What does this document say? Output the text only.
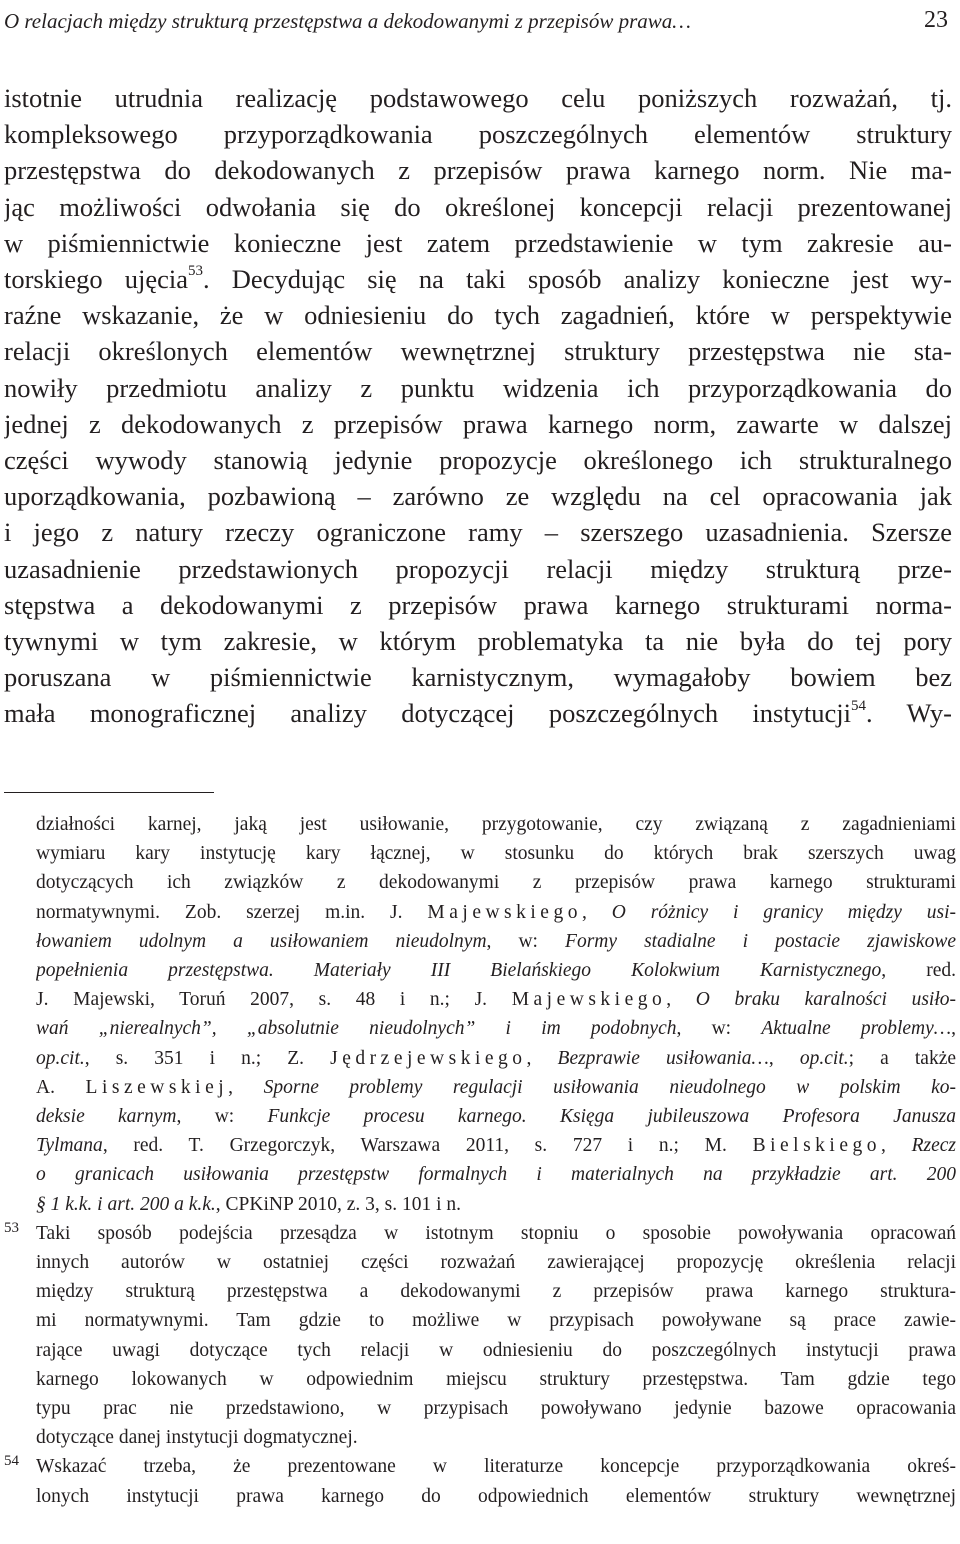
O relacjach między strukturą przestępstwa a dekodowanymi z przepisów prawa…	23
istotnie utrudnia realizację podstawowego celu poniższych rozważań, tj.
kompleksowego przyporządkowania poszczególnych elementów struktury
przestępstwa do dekodowanych z przepisów prawa karnego norm. Nie ma-
jąc możliwości odwołania się do określonej koncepcji relacji prezentowanej
w piśmiennictwie konieczne jest zatem przedstawienie w tym zakresie au-
torskiego ujęcia$^{53}$. Decydując się na taki sposób analizy konieczne jest wy-
raźne wskazanie, że w odniesieniu do tych zagadnień, które w perspektywie
relacji określonych elementów wewnętrznej struktury przestępstwa nie sta-
nowiły przedmiotu analizy z punktu widzenia ich przyporządkowania do
jednej z dekodowanych z przepisów prawa karnego norm, zawarte w dalszej
części wywody stanowią jedynie propozycje określonego ich strukturalnego
uporządkowania, pozbawioną – zarówno ze względu na cel opracowania jak
i jego z natury rzeczy ograniczone ramy – szerszego uzasadnienia. Szersze
uzasadnienie przedstawionych propozycji relacji między strukturą prze-
stępstwa a dekodowanymi z przepisów prawa karnego strukturami norma-
tywnymi w tym zakresie, w którym problematyka ta nie była do tej pory
poruszana w piśmiennictwie karnistycznym, wymagałoby bowiem bez
mała monograficznej analizy dotyczącej poszczególnych instytucji$^{54}$. Wy-
działności karnej, jaką jest usiłowanie, przygotowanie, czy związaną z zagadnieniami
wymiaru kary instytucję kary łącznej, w stosunku do których brak szerszych uwag
dotyczących ich związków z dekodowanymi z przepisów prawa karnego strukturami
normatywnymi. Zob. szerzej m.in. J. Majewskiego, O różnicy i granicy między usi-
łowaniem udolnym a usiłowaniem nieudolnym, w: Formy stadialne i postacie zjawiskowe
popełnienia przestępstwa. Materiały III Bielańskiego Kolokwium Karnistycznego, red.
J. Majewski, Toruń 2007, s. 48 i n.; J. Majewskiego, O braku karalności usiło-
wań „nierealnych”, „absolutnie nieudolnych” i im podobnych, w: Aktualne problemy…,
op.cit., s. 351 i n.; Z. Jędrzejewskiego, Bezprawie usiłowania…, op.cit.; a także
A. Liszewskiej, Sporne problemy regulacji usiłowania nieudolnego w polskim ko-
deksie karnym, w: Funkcje procesu karnego. Księga jubileuszowa Profesora Janusza
Tylmana, red. T. Grzegorczyk, Warszawa 2011, s. 727 i n.; M. Bielskiego, Rzecz
o granicach usiłowania przestępstw formalnych i materialnych na przykładzie art. 200
§ 1 k.k. i art. 200 a k.k., CPKiNP 2010, z. 3, s. 101 i n.
53 Taki sposób podejścia przesądza w istotnym stopniu o sposobie powoływania opracowań
innych autorów w ostatniej części rozważań zawierającej propozycję określenia relacji
między strukturą przestępstwa a dekodowanymi z przepisów prawa karnego struktura-
mi normatywnymi. Tam gdzie to możliwe w przypisach powoływane są prace zawie-
rające uwagi dotyczące tych relacji w odniesieniu do poszczególnych instytucji prawa
karnego lokowanych w odpowiednim miejscu struktury przestępstwa. Tam gdzie tego
typu prac nie przedstawiono, w przypisach powoływano jedynie bazowe opracowania
dotyczące danej instytucji dogmatycznej.
54 Wskazać trzeba, że prezentowane w literaturze koncepcje przyporządkowania okreś-
lonych instytucji prawa karnego do odpowiednich elementów struktury wewnętrznej
